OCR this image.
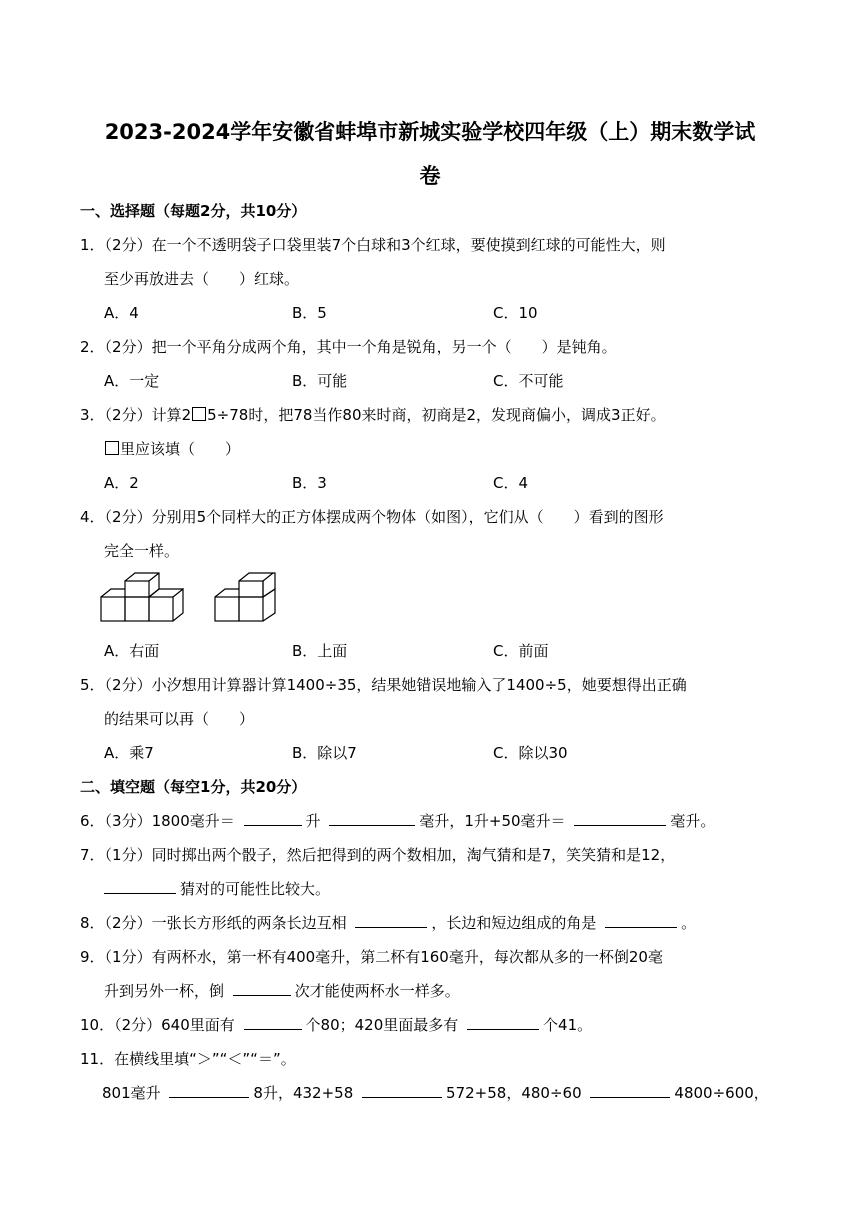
2023-2024学年安徽省蚌埠市新城实验学校四年级（上）期末数学试
卷
一、选择题（每题2分，共10分）
1．（2分）在一个不透明袋子口袋里装7个白球和3个红球，要使摸到红球的可能性大，则
至少再放进去（　　）红球。
A．4	B．5	C．10
2．（2分）把一个平角分成两个角，其中一个角是锐角，另一个（　　）是钝角。
A．一定	B．可能	C．不可能
3．（2分）计算2 5÷78时，把78当作80来时商，初商是2，发现商偏小，调成3正好。
里应该填（　　）
A．2	B．3	C．4
4．（2分）分别用5个同样大的正方体摆成两个物体（如图），它们从（　　）看到的图形
完全一样。
A．右面	B．上面	C．前面
5．（2分）小汐想用计算器计算1400÷35，结果她错误地输入了1400÷5，她要想得出正确
的结果可以再（　　）
A．乘7	B．除以7	C．除以30
二、填空题（每空1分，共20分）
6．（3分）1800毫升＝	升	毫升，1升+50毫升＝	毫升。
7．（1分）同时掷出两个骰子，然后把得到的两个数相加，淘气猜和是7，笑笑猜和是12，
猜对的可能性比较大。
8．（2分）一张长方形纸的两条长边互相	，长边和短边组成的角是	。
9．（1分）有两杯水，第一杯有400毫升，第二杯有160毫升，每次都从多的一杯倒20毫
升到另外一杯，倒	次才能使两杯水一样多。
10．（2分）640里面有	个80；420里面最多有	个41。
11．在横线里填“＞”“＜”“＝”。
801毫升	8升，432+58	572+58，480÷60	4800÷600，
